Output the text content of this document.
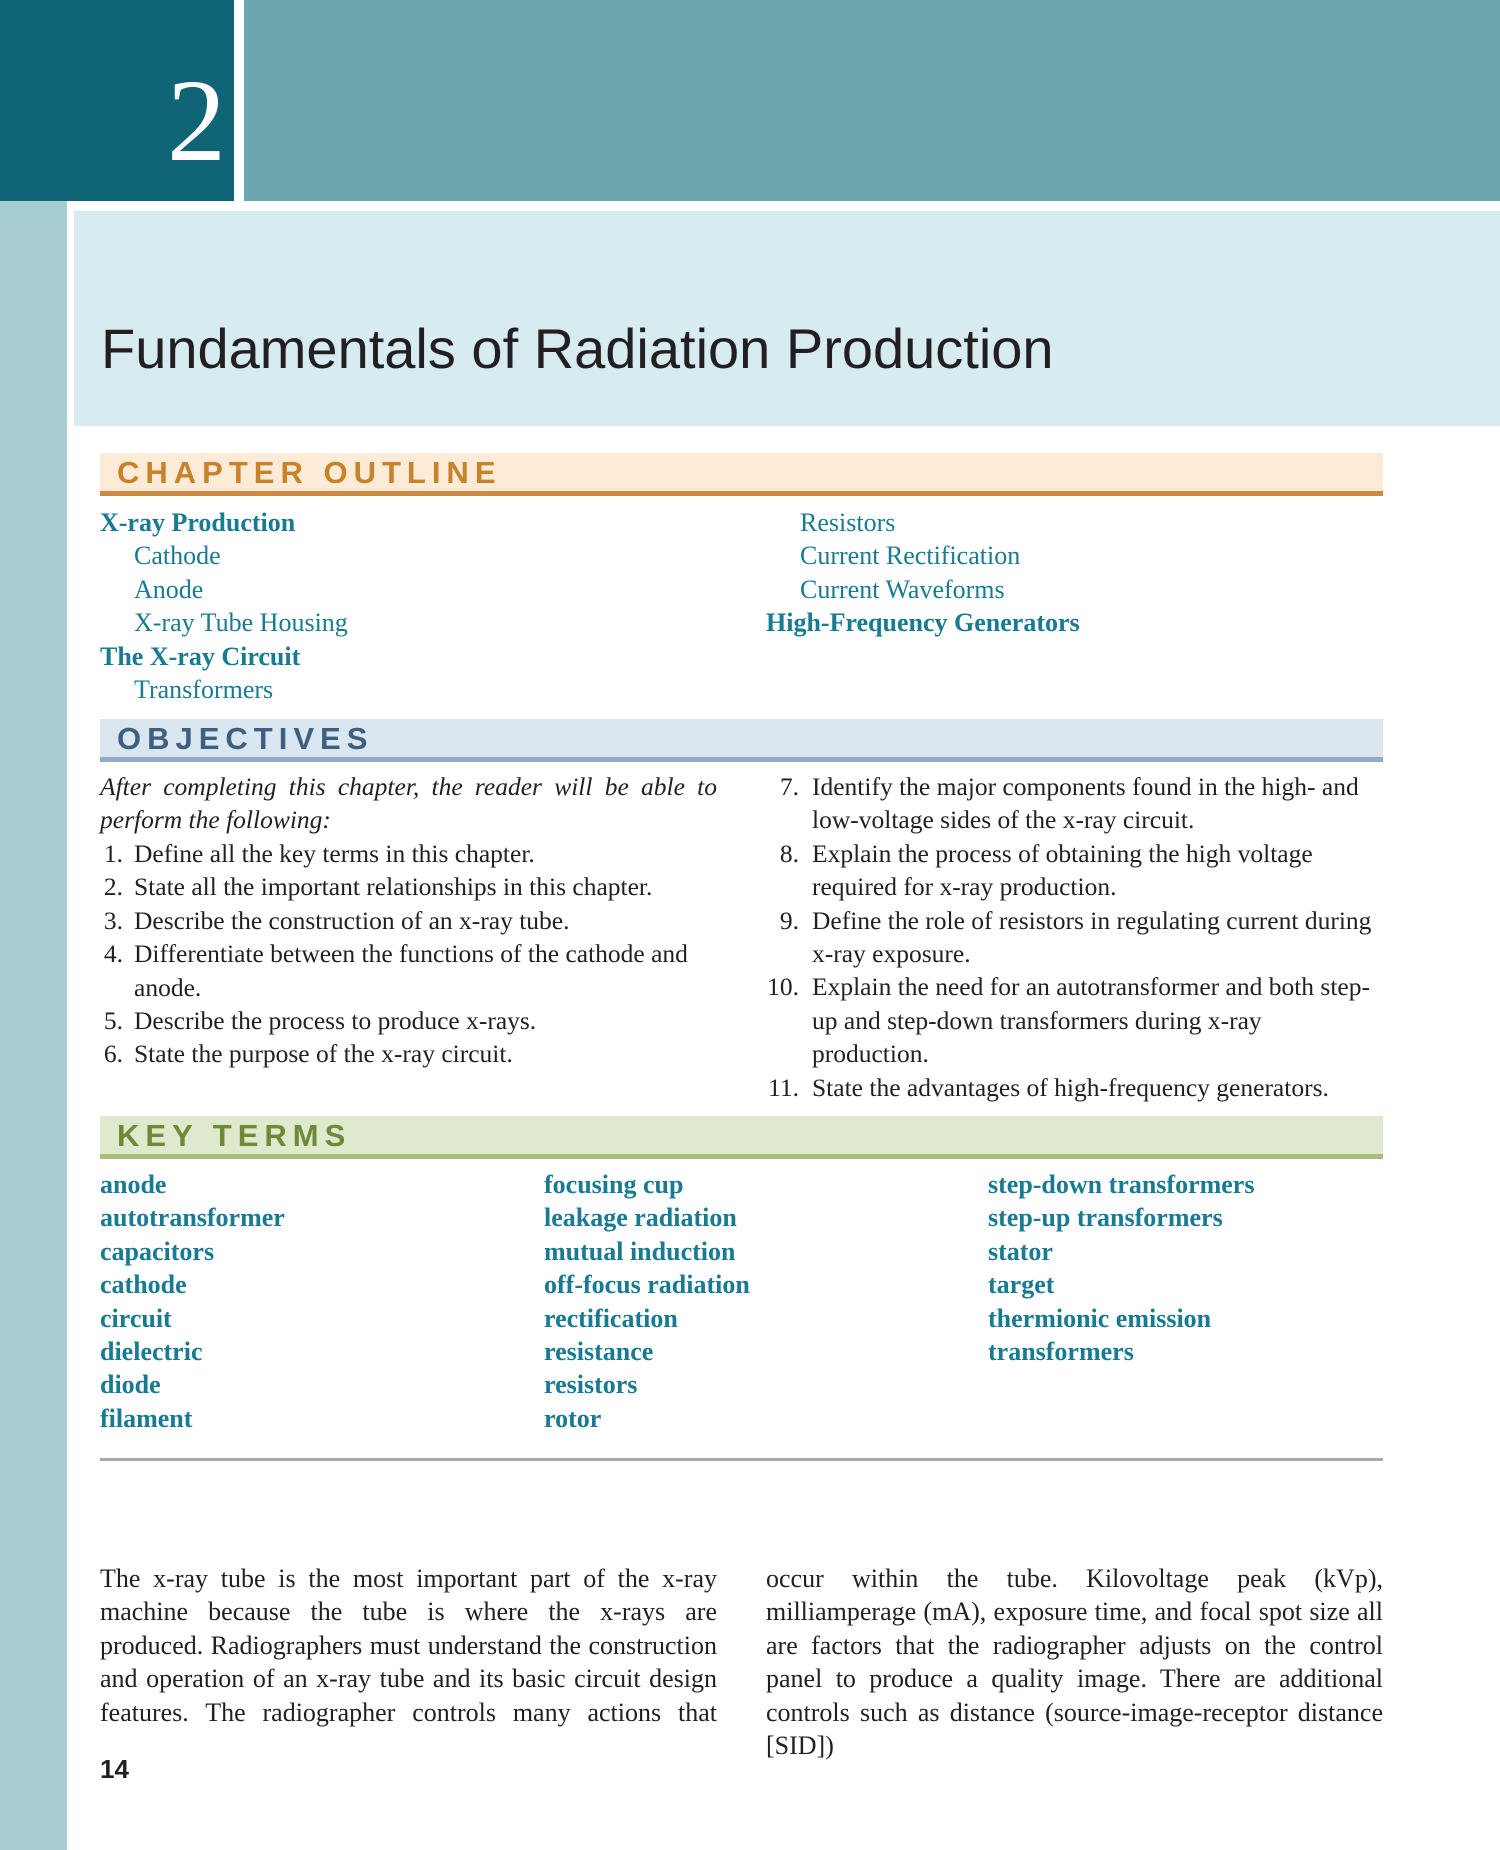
2
Fundamentals of Radiation Production
CHAPTER OUTLINE
X-ray Production
Cathode
Anode
X-ray Tube Housing
The X-ray Circuit
Transformers
Resistors
Current Rectification
Current Waveforms
High-Frequency Generators
OBJECTIVES

After completing this chapter, the reader will be able to perform the following:

1. Define all the key terms in this chapter.
2. State all the important relationships in this chapter.
3. Describe the construction of an x-ray tube.
4. Differentiate between the functions of the cathode and anode.
5. Describe the process to produce x-rays.
6. State the purpose of the x-ray circuit.
7. Identify the major components found in the high- and low-voltage sides of the x-ray circuit.
8. Explain the process of obtaining the high voltage required for x-ray production.
9. Define the role of resistors in regulating current during x-ray exposure.
10. Explain the need for an autotransformer and both step-up and step-down transformers during x-ray production.
11. State the advantages of high-frequency generators.
KEY TERMS
anode
autotransformer
capacitors
cathode
circuit
dielectric
diode
filament
focusing cup
leakage radiation
mutual induction
off-focus radiation
rectification
resistance
resistors
rotor
step-down transformers
step-up transformers
stator
target
thermionic emission
transformers

The x-ray tube is the most important part of the x-ray machine because the tube is where the x-rays are produced. Radiographers must understand the construction and operation of an x-ray tube and its basic circuit design features. The radiographer controls many actions that

occur within the tube. Kilovoltage peak (kVp), milliamperage (mA), exposure time, and focal spot size all are factors that the radiographer adjusts on the control panel to produce a quality image. There are additional controls such as distance (source-image-receptor distance [SID])

14
